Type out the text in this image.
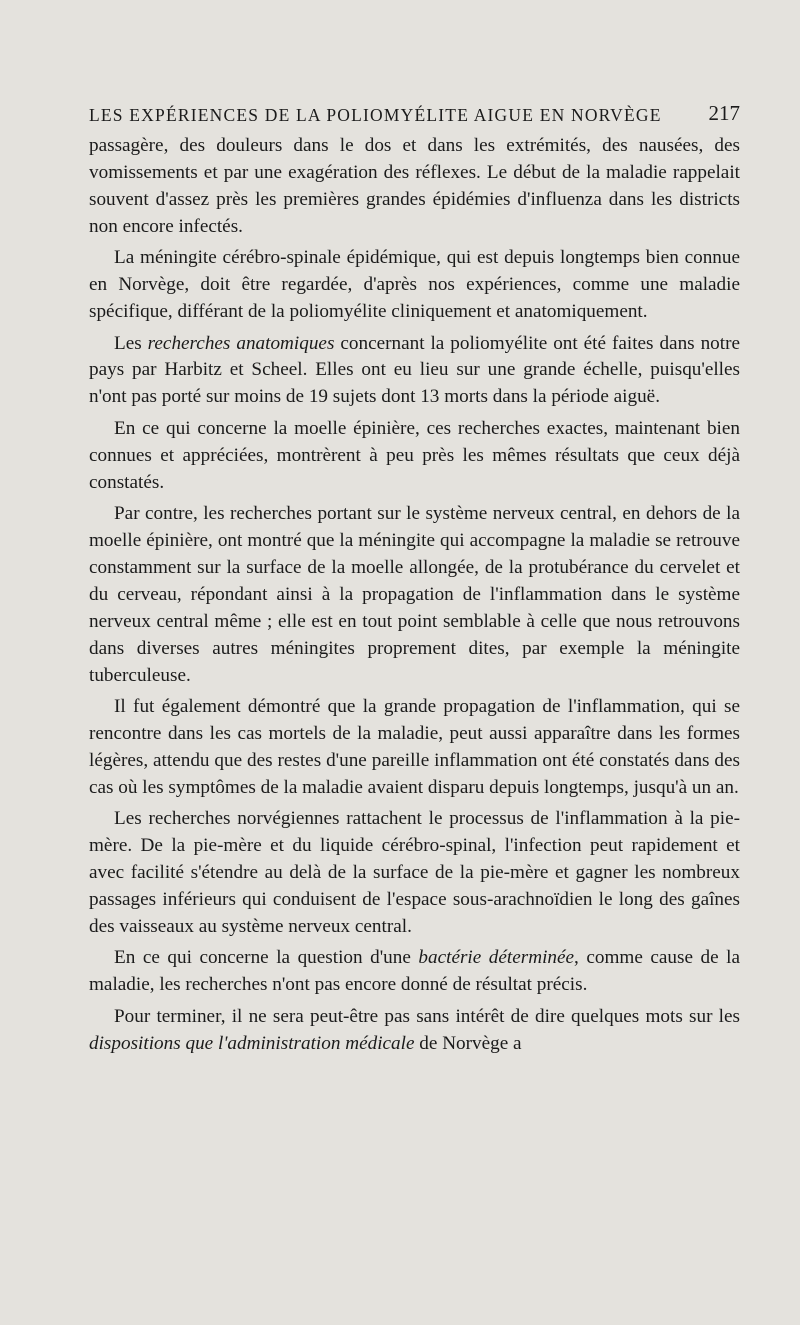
LES EXPÉRIENCES DE LA POLIOMYÉLITE AIGUE EN NORVÈGE 217

passagère, des douleurs dans le dos et dans les extrémités, des nausées, des vomissements et par une exagération des réflexes. Le début de la maladie rappelait souvent d'assez près les premières grandes épidémies d'influenza dans les districts non encore infectés.

La méningite cérébro-spinale épidémique, qui est depuis longtemps bien connue en Norvège, doit être regardée, d'après nos expériences, comme une maladie spécifique, différant de la poliomyélite cliniquement et anatomiquement.

Les recherches anatomiques concernant la poliomyélite ont été faites dans notre pays par Harbitz et Scheel. Elles ont eu lieu sur une grande échelle, puisqu'elles n'ont pas porté sur moins de 19 sujets dont 13 morts dans la période aiguë.

En ce qui concerne la moelle épinière, ces recherches exactes, maintenant bien connues et appréciées, montrèrent à peu près les mêmes résultats que ceux déjà constatés.

Par contre, les recherches portant sur le système nerveux central, en dehors de la moelle épinière, ont montré que la méningite qui accompagne la maladie se retrouve constamment sur la surface de la moelle allongée, de la protubérance du cervelet et du cerveau, répondant ainsi à la propagation de l'inflammation dans le système nerveux central même ; elle est en tout point semblable à celle que nous retrouvons dans diverses autres méningites proprement dites, par exemple la méningite tuberculeuse.

Il fut également démontré que la grande propagation de l'inflammation, qui se rencontre dans les cas mortels de la maladie, peut aussi apparaître dans les formes légères, attendu que des restes d'une pareille inflammation ont été constatés dans des cas où les symptômes de la maladie avaient disparu depuis longtemps, jusqu'à un an.

Les recherches norvégiennes rattachent le processus de l'inflammation à la pie-mère. De la pie-mère et du liquide cérébro-spinal, l'infection peut rapidement et avec facilité s'étendre au delà de la surface de la pie-mère et gagner les nombreux passages inférieurs qui conduisent de l'espace sous-arachnoïdien le long des gaînes des vaisseaux au système nerveux central.

En ce qui concerne la question d'une bactérie déterminée, comme cause de la maladie, les recherches n'ont pas encore donné de résultat précis.

Pour terminer, il ne sera peut-être pas sans intérêt de dire quelques mots sur les dispositions que l'administration médicale de Norvège a
